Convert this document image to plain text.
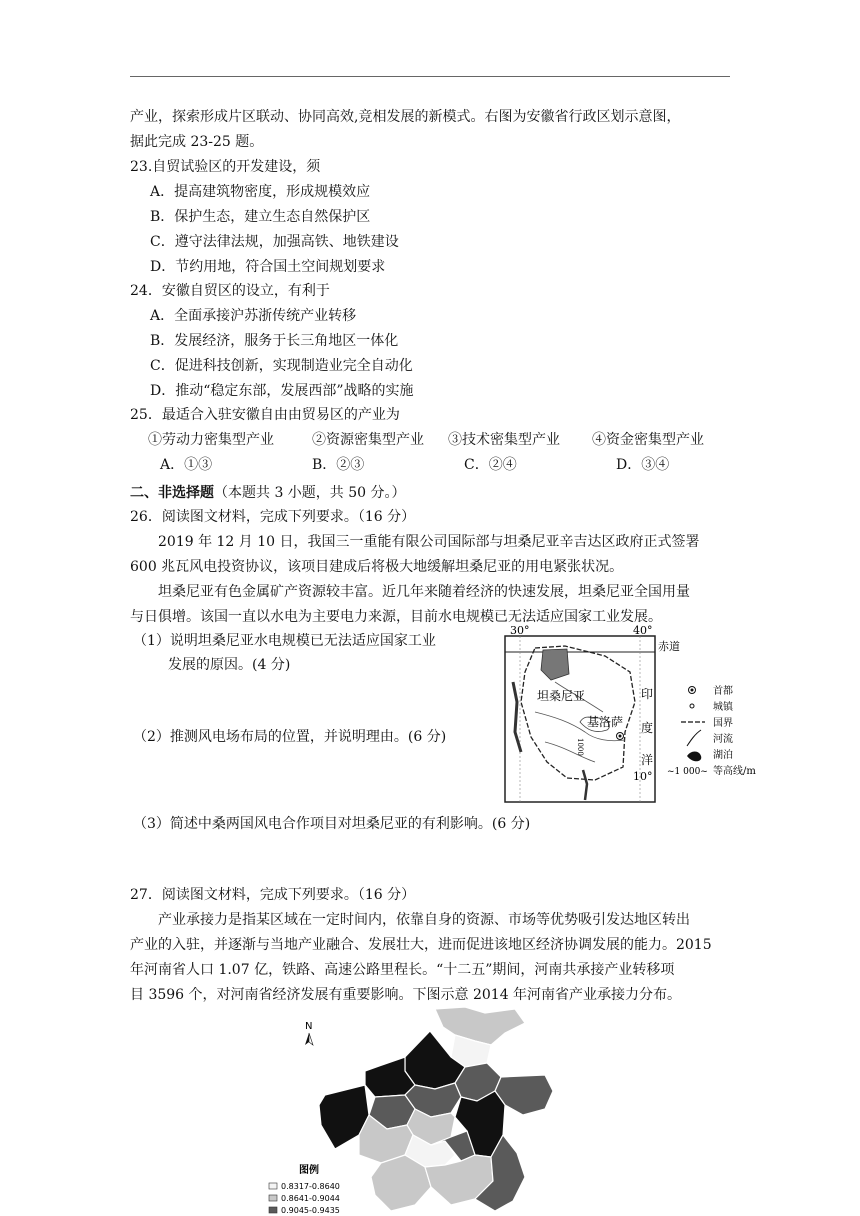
产业，探索形成片区联动、协同高效,竞相发展的新模式。右图为安徽省行政区划示意图，
据此完成 23-25 题。
23.自贸试验区的开发建设，须
A．提高建筑物密度，形成规模效应
B．保护生态，建立生态自然保护区
C．遵守法律法规，加强高铁、地铁建设
D．节约用地，符合国土空间规划要求
24．安徽自贸区的设立，有利于
A．全面承接沪苏浙传统产业转移
B．发展经济，服务于长三角地区一体化
C．促进科技创新，实现制造业完全自动化
D．推动“稳定东部，发展西部”战略的实施
25．最适合入驻安徽自由由贸易区的产业为
①劳动力密集型产业	②资源密集型产业 ③技术密集型产业 ④资金密集型产业
A．①③	B．②③	C．②④	D．③④
二、非选择题（本题共 3 小题，共 50 分。）
26．阅读图文材料，完成下列要求。（16 分）
2019 年 12 月 10 日，我国三一重能有限公司国际部与坦桑尼亚辛吉达区政府正式签署
600 兆瓦风电投资协议，该项目建成后将极大地缓解坦桑尼亚的用电紧张状况。
坦桑尼亚有色金属矿产资源较丰富。近几年来随着经济的快速发展，坦桑尼亚全国用量
与日俱增。该国一直以水电为主要电力来源，目前水电规模已无法适应国家工业发展。
（1）说明坦桑尼亚水电规模已无法适应国家工业
发展的原因。(4 分)
（2）推测风电场布局的位置，并说明理由。(6 分)
（3）简述中桑两国风电合作项目对坦桑尼亚的有利影响。(6 分)
30°	40°
赤道
10°
1000
坦桑尼亚
基洛萨
印
度
洋
首都
城镇
国界
河流
湖泊
~1 000~ 等高线/m
27．阅读图文材料，完成下列要求。（16 分）
产业承接力是指某区域在一定时间内，依靠自身的资源、市场等优势吸引发达地区转出
产业的入驻，并逐渐与当地产业融合、发展壮大，进而促进该地区经济协调发展的能力。2015
年河南省人口 1.07 亿，铁路、高速公路里程长。“十二五”期间，河南共承接产业转移项
目 3596 个，对河南省经济发展有重要影响。下图示意 2014 年河南省产业承接力分布。
N
图例
0.8317-0.8640
0.8641-0.9044
0.9045-0.9435
